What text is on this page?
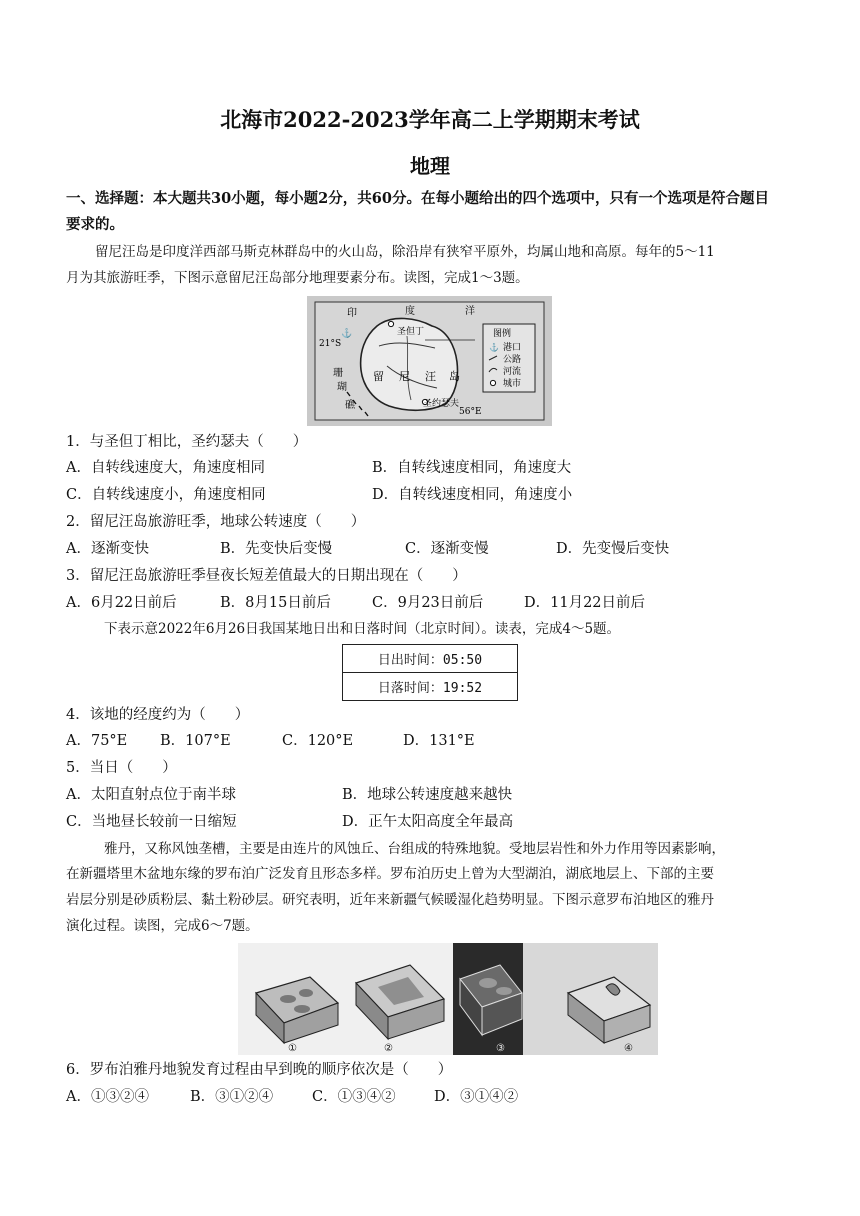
北海市2022-2023学年高二上学期期末考试
地理
一、选择题：本大题共30小题，每小题2分，共60分。在每小题给出的四个选项中，只有一个选项是符合题目
要求的。
留尼汪岛是印度洋西部马斯克林群岛中的火山岛，除沿岸有狭窄平原外，均属山地和高原。每年的5～11
月为其旅游旺季，下图示意留尼汪岛部分地理要素分布。读图，完成1～3题。
⚓
印	度	洋
21°S
56°E
圣但丁
圣约瑟夫
留 尼 汪 岛
珊
瑚
礁
图例
⚓ 港口
公路
河流
城市
1．与圣但丁相比，圣约瑟夫（　　）
A．自转线速度大，角速度相同	B．自转线速度相同，角速度大
C．自转线速度小，角速度相同	D．自转线速度相同，角速度小
2．留尼汪岛旅游旺季，地球公转速度（　　）
A．逐渐变快	B．先变快后变慢	C．逐渐变慢	D．先变慢后变快
3．留尼汪岛旅游旺季昼夜长短差值最大的日期出现在（　　）
A．6月22日前后	B．8月15日前后	C．9月23日前后	D．11月22日前后
下表示意2022年6月26日我国某地日出和日落时间（北京时间）。读表，完成4～5题。
日出时间：05:50
日落时间：19:52
4．该地的经度约为（　　）
A．75°E B．107°E	C．120°E	D．131°E
5．当日（　　）
A．太阳直射点位于南半球	B．地球公转速度越来越快
C．当地昼长较前一日缩短	D．正午太阳高度全年最高
雅丹，又称风蚀垄槽，主要是由连片的风蚀丘、台组成的特殊地貌。受地层岩性和外力作用等因素影响，
在新疆塔里木盆地东缘的罗布泊广泛发育且形态多样。罗布泊历史上曾为大型湖泊，湖底地层上、下部的主要
岩层分别是砂质粉层、黏土粉砂层。研究表明，近年来新疆气候暖湿化趋势明显。下图示意罗布泊地区的雅丹
演化过程。读图，完成6～7题。
①	②	③	④
6．罗布泊雅丹地貌发育过程由早到晚的顺序依次是（　　）
A．①③②④	B．③①②④	C．①③④②	D．③①④②
